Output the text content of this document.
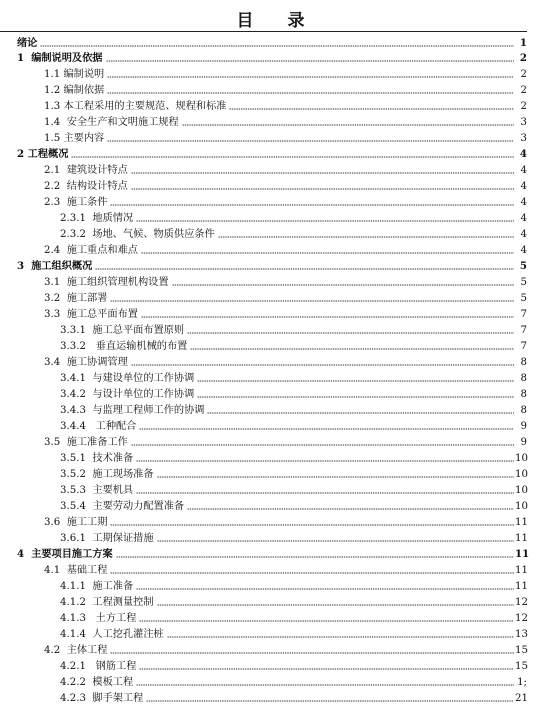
目 录
绪论	1
1 编制说明及依据	2
1.1 编制说明	2
1.2 编制依据	2
1.3 本工程采用的主要规范、规程和标准	2
1.4 安全生产和文明施工规程	3
1.5 主要内容	3
2 工程概况	4
2.1 建筑设计特点	4
2.2 结构设计特点	4
2.3 施工条件	4
2.3.1 地质情况	4
2.3.2 场地、气候、物质供应条件	4
2.4 施工重点和难点	4
3 施工组织概况	5
3.1 施工组织管理机构设置	5
3.2 施工部署	5
3.3 施工总平面布置	7
3.3.1 施工总平面布置原则	7
3.3.2 垂直运输机械的布置	7
3.4 施工协调管理	8
3.4.1 与建设单位的工作协调	8
3.4.2 与设计单位的工作协调	8
3.4.3 与监理工程师工作的协调	8
3.4.4 工种配合	9
3.5 施工准备工作	9
3.5.1 技术准备	10
3.5.2 施工现场准备	10
3.5.3 主要机具	10
3.5.4 主要劳动力配置准备	10
3.6 施工工期	11
3.6.1 工期保证措施	11
4 主要项目施工方案	11
4.1 基础工程	11
4.1.1 施工准备	11
4.1.2 工程测量控制	12
4.1.3 土方工程	12
4.1.4 人工挖孔灌注桩	13
4.2 主体工程	15
4.2.1 钢筋工程	15
4.2.2 模板工程	1;
4.2.3 脚手架工程	21
